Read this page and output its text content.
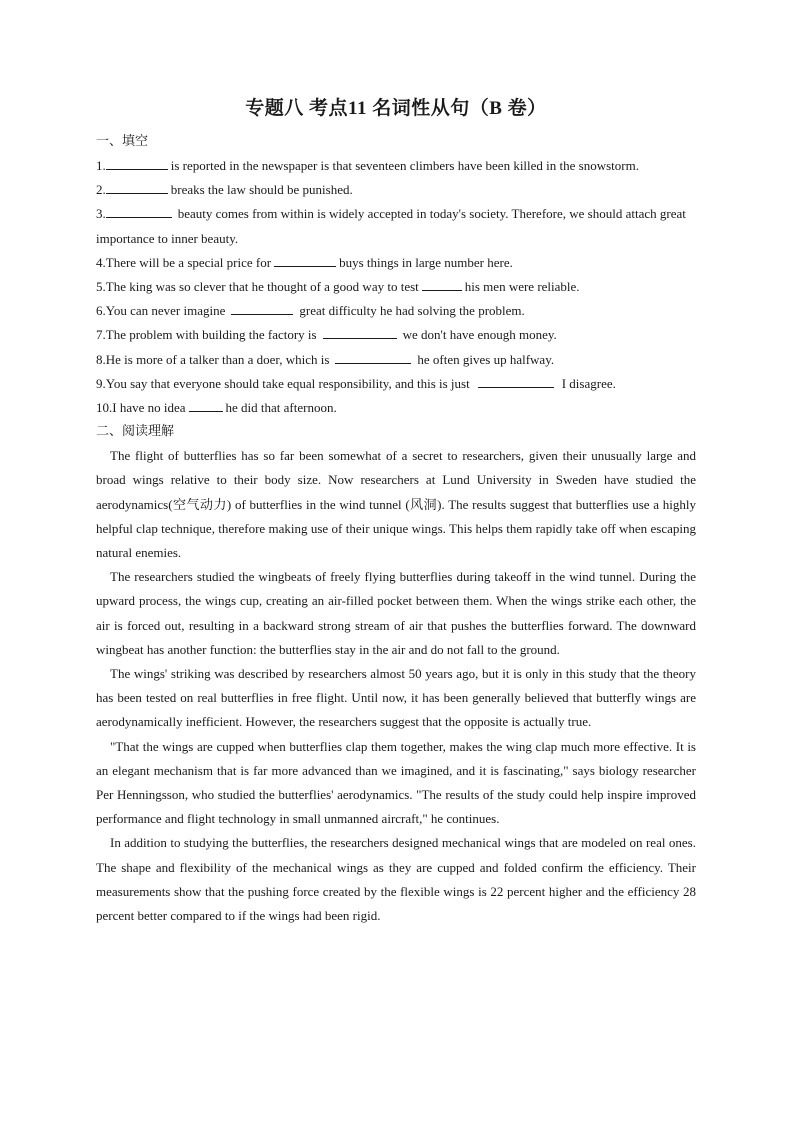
专题八 考点11 名词性从句（B 卷）

一、填空

1.	is reported in the newspaper is that seventeen climbers have been killed in the snowstorm.

2.	breaks the law should be punished.

3.	beauty comes from within is widely accepted in today's society. Therefore, we should attach great importance to inner beauty.

4.There will be a special price for	buys things in large number here.

5.The king was so clever that he thought of a good way to test	his men were reliable.

6.You can never imagine	great difficulty he had solving the problem.

7.The problem with building the factory is	we don't have enough money.

8.He is more of a talker than a doer, which is	he often gives up halfway.

9.You say that everyone should take equal responsibility, and this is just	I disagree.

10.I have no idea	he did that afternoon.

二、阅读理解

The flight of butterflies has so far been somewhat of a secret to researchers, given their unusually large and broad wings relative to their body size. Now researchers at Lund University in Sweden have studied the aerodynamics(空气动力) of butterflies in the wind tunnel (风洞). The results suggest that butterflies use a highly helpful clap technique, therefore making use of their unique wings. This helps them rapidly take off when escaping natural enemies.

The researchers studied the wingbeats of freely flying butterflies during takeoff in the wind tunnel. During the upward process, the wings cup, creating an air-filled pocket between them. When the wings strike each other, the air is forced out, resulting in a backward strong stream of air that pushes the butterflies forward. The downward wingbeat has another function: the butterflies stay in the air and do not fall to the ground.

The wings' striking was described by researchers almost 50 years ago, but it is only in this study that the theory has been tested on real butterflies in free flight. Until now, it has been generally believed that butterfly wings are aerodynamically inefficient. However, the researchers suggest that the opposite is actually true.

"That the wings are cupped when butterflies clap them together, makes the wing clap much more effective. It is an elegant mechanism that is far more advanced than we imagined, and it is fascinating," says biology researcher Per Henningsson, who studied the butterflies' aerodynamics. "The results of the study could help inspire improved performance and flight technology in small unmanned aircraft," he continues.

In addition to studying the butterflies, the researchers designed mechanical wings that are modeled on real ones. The shape and flexibility of the mechanical wings as they are cupped and folded confirm the efficiency. Their measurements show that the pushing force created by the flexible wings is 22 percent higher and the efficiency 28 percent better compared to if the wings had been rigid.
